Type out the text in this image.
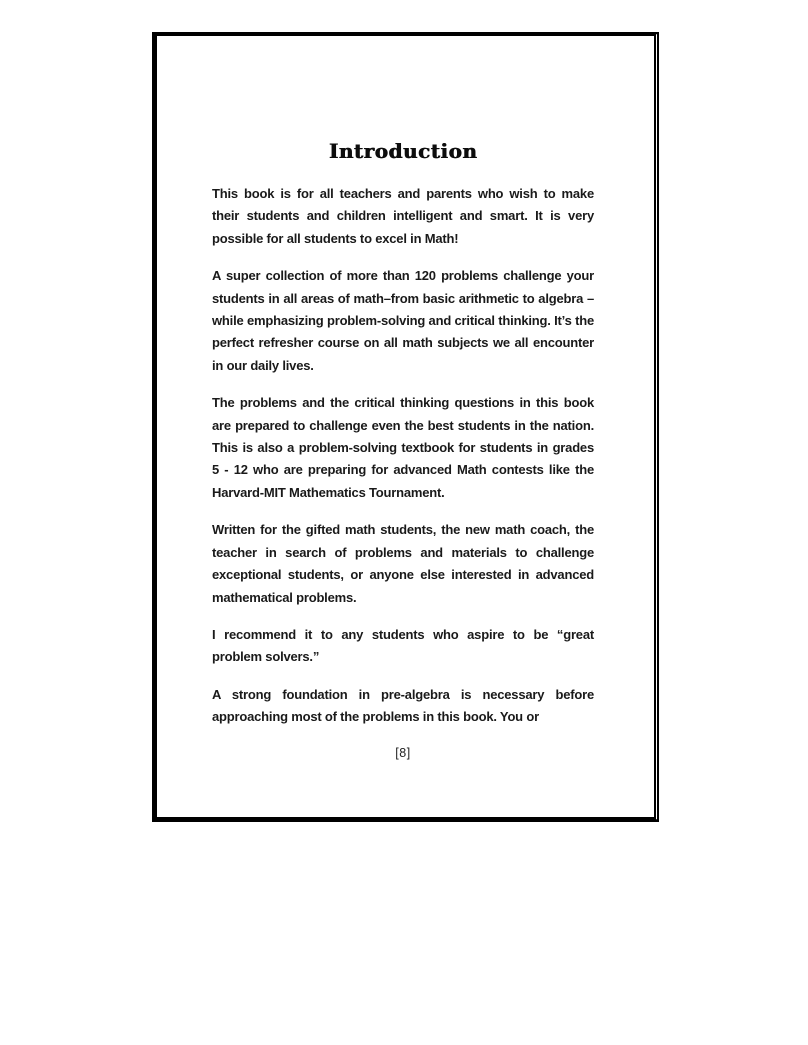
Introduction

This book is for all teachers and parents who wish to make their students and children intelligent and smart. It is very possible for all students to excel in Math!

A super collection of more than 120 problems challenge your students in all areas of math–from basic arithmetic to algebra – while emphasizing problem-solving and critical thinking. It’s the perfect refresher course on all math subjects we all encounter in our daily lives.

The problems and the critical thinking questions in this book are prepared to challenge even the best students in the nation. This is also a problem-solving textbook for students in grades 5 - 12 who are preparing for advanced Math contests like the Harvard-MIT Mathematics Tournament.

Written for the gifted math students, the new math coach, the teacher in search of problems and materials to challenge exceptional students, or anyone else interested in advanced mathematical problems.

I recommend it to any students who aspire to be “great problem solvers.”

A strong foundation in pre-algebra is necessary before approaching most of the problems in this book. You or

[8]
